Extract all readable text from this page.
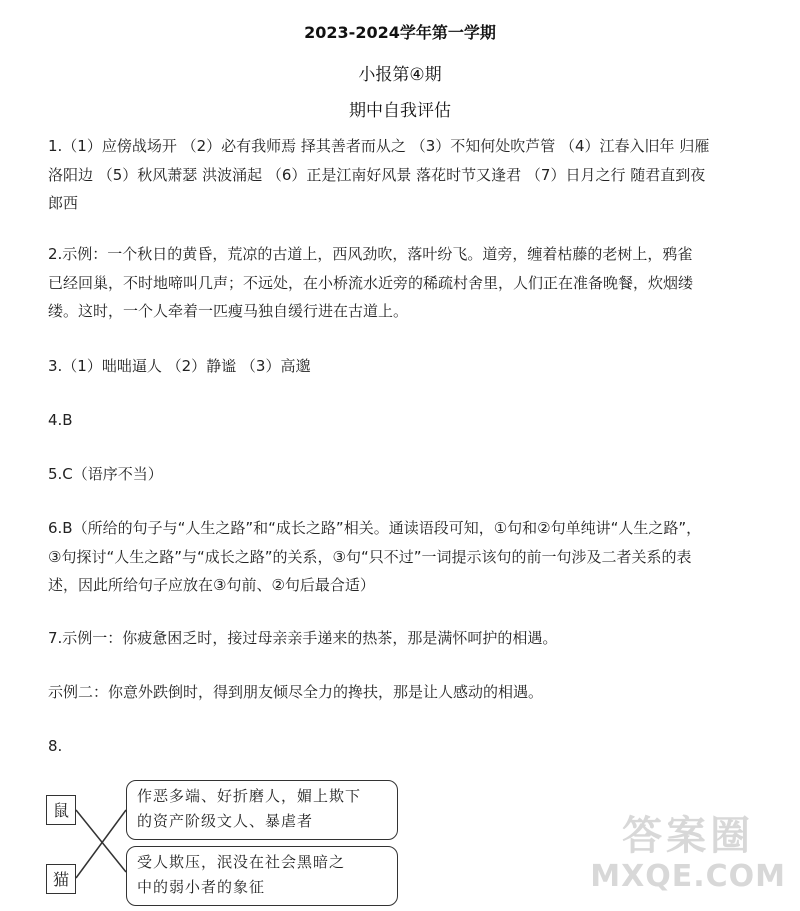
2023-2024学年第一学期
小报第④期
期中自我评估
1.（1）应傍战场开 （2）必有我师焉 择其善者而从之 （3）不知何处吹芦管 （4）江春入旧年 归雁
洛阳边 （5）秋风萧瑟 洪波涌起 （6）正是江南好风景 落花时节又逢君 （7）日月之行 随君直到夜
郎西
2.示例：一个秋日的黄昏，荒凉的古道上，西风劲吹，落叶纷飞。道旁，缠着枯藤的老树上，鸦雀
已经回巢，不时地啼叫几声；不远处，在小桥流水近旁的稀疏村舍里，人们正在准备晚餐，炊烟缕
缕。这时，一个人牵着一匹瘦马独自缓行进在古道上。
3.（1）咄咄逼人 （2）静谧 （3）高邈
4.B
5.C（语序不当）
6.B（所给的句子与“人生之路”和“成长之路”相关。通读语段可知，①句和②句单纯讲“人生之路”，
③句探讨“人生之路”与“成长之路”的关系，③句“只不过”一词提示该句的前一句涉及二者关系的表
述，因此所给句子应放在③句前、②句后最合适）
7.示例一：你疲惫困乏时，接过母亲亲手递来的热茶，那是满怀呵护的相遇。
示例二：你意外跌倒时，得到朋友倾尽全力的搀扶，那是让人感动的相遇。
8.
鼠
猫
作恶多端、好折磨人，媚上欺下
的资产阶级文人、暴虐者
受人欺压，泯没在社会黑暗之
中的弱小者的象征
答案圈
MXQE.COM
